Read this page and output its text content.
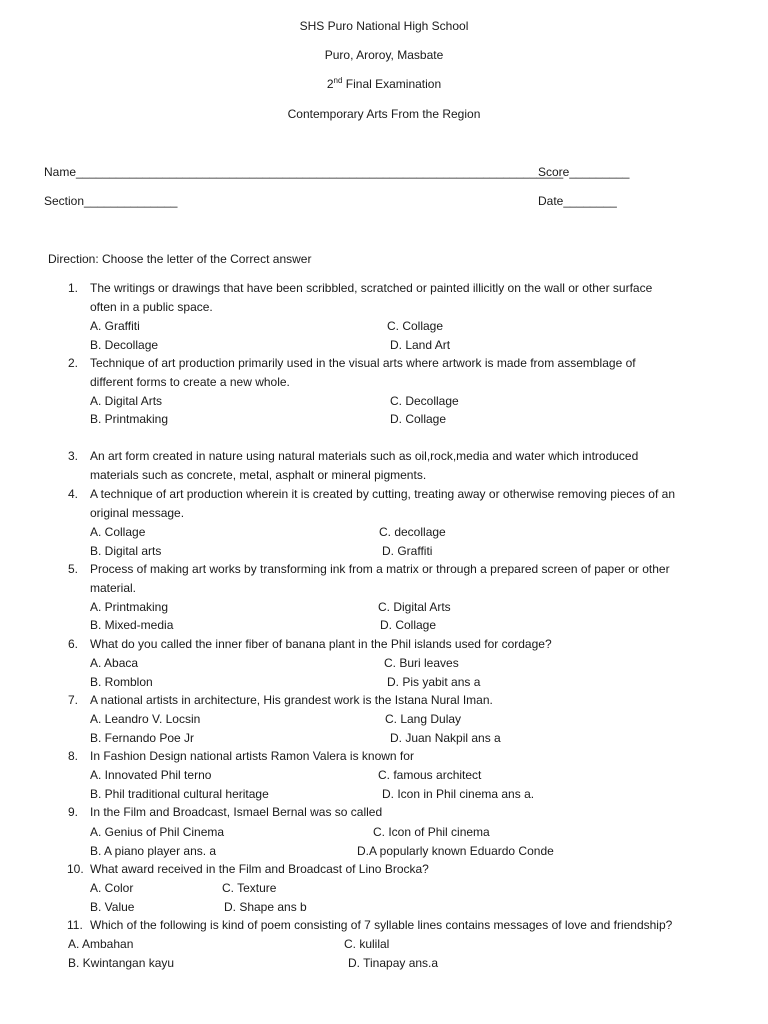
SHS Puro National High School
Puro, Aroroy, Masbate
2nd Final Examination
Contemporary Arts From the Region
Name_________________________________________________________________________
Score_________
Section______________	Date________
Direction: Choose the letter of the Correct answer
1. The writings or drawings that have been scribbled, scratched or painted illicitly on the wall or other surface
often in a public space.
A. Graffiti	C. Collage
B. Decollage	D. Land Art
2. Technique of art production primarily used in the visual arts where artwork is made from assemblage of
different forms to create a new whole.
A. Digital Arts	C. Decollage
B. Printmaking	D. Collage
3. An art form created in nature using natural materials such as oil,rock,media and water which introduced
materials such as concrete, metal, asphalt or mineral pigments.
4. A technique of art production wherein it is created by cutting, treating away or otherwise removing pieces of an
original message.
A. Collage	C. decollage
B. Digital arts	D. Graffiti
5. Process of making art works by transforming ink from a matrix or through a prepared screen of paper or other
material.
A. Printmaking	C. Digital Arts
B. Mixed-media	D. Collage
6. What do you called the inner fiber of banana plant in the Phil islands used for cordage?
A. Abaca	C. Buri leaves
B. Romblon	D. Pis yabit ans a
7. A national artists in architecture, His grandest work is the Istana Nural Iman.
A. Leandro V. Locsin	C. Lang Dulay
B. Fernando Poe Jr	D. Juan Nakpil ans a
8. In Fashion Design national artists Ramon Valera is known for
A. Innovated Phil terno	C. famous architect
B. Phil traditional cultural heritage	D. Icon in Phil cinema ans a.
9. In the Film and Broadcast, Ismael Bernal was so called
A. Genius of Phil Cinema	C. Icon of Phil cinema
B. A piano player ans. a	D.A popularly known Eduardo Conde
10. What award received in the Film and Broadcast of Lino Brocka?
A. Color	C. Texture
B. Value	D. Shape ans b
11. Which of the following is kind of poem consisting of 7 syllable lines contains messages of love and friendship?
A. Ambahan	C. kulilal
B. Kwintangan kayu	D. Tinapay ans.a
